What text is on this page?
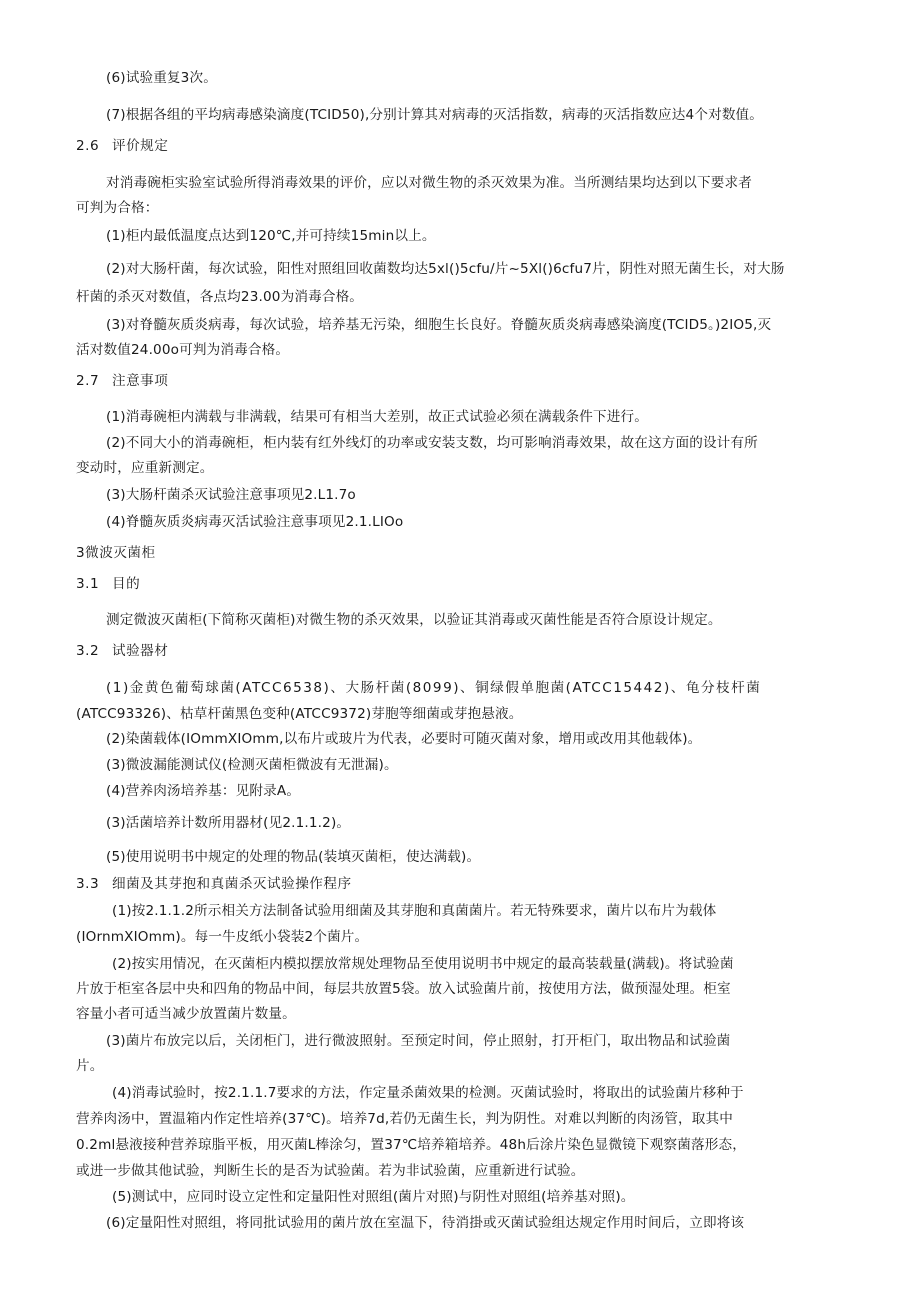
(6)试验重复3次。
(7)根据各组的平均病毒感染滴度(TCID50),分别计算其对病毒的灭活指数，病毒的灭活指数应达4个对数值。
2.6 评价规定
对消毒碗柜实验室试验所得消毒效果的评价，应以对微生物的杀灭效果为准。当所测结果均达到以下要求者
可判为合格：
(1)柜内最低温度点达到120℃,并可持续15min以上。
(2)对大肠杆菌，每次试验，阳性对照组回收菌数均达5xl()5cfu/片~5Xl()6cfu7片，阴性对照无菌生长，对大肠
杆菌的杀灭对数值，各点均23.00为消毒合格。
(3)对脊髓灰质炎病毒，每次试验，培养基无污染，细胞生长良好。脊髓灰质炎病毒感染滴度(TCID5。)2IO5,灭
活对数值24.00o可判为消毒合格。
2.7 注意事项
(1)消毒碗柜内满载与非满载，结果可有相当大差别，故正式试验必须在满载条件下进行。
(2)不同大小的消毒碗柜，柜内装有红外线灯的功率或安装支数，均可影响消毒效果，故在这方面的设计有所
变动时，应重新测定。
(3)大肠杆菌杀灭试验注意事项见2.L1.7o
(4)脊髓灰质炎病毒灭活试验注意事项见2.1.LIOo
3微波灭菌柜
3.1 目的
测定微波灭菌柜(下简称灭菌柜)对微生物的杀灭效果，以验证其消毒或灭菌性能是否符合原设计规定。
3.2 试验器材
(1)金黄色葡萄球菌(ATCC6538)、大肠杆菌(8099)、铜绿假单胞菌(ATCC15442)、龟分枝杆菌
(ATCC93326)、枯草杆菌黑色变种(ATCC9372)芽胞等细菌或芽抱悬液。
(2)染菌载体(IOmmXIOmm,以布片或玻片为代表，必要时可随灭菌对象，增用或改用其他载体)。
(3)微波漏能测试仪(检测灭菌柜微波有无泄漏)。
(4)营养肉汤培养基：见附录A。
(3)活菌培养计数所用器材(见2.1.1.2)。
(5)使用说明书中规定的处理的物品(装填灭菌柜，使达满载)。
3.3 细菌及其芽抱和真菌杀灭试验操作程序
(1)按2.1.1.2所示相关方法制备试验用细菌及其芽胞和真菌菌片。若无特殊要求，菌片以布片为载体
(IOrnmXIOmm)。每一牛皮纸小袋装2个菌片。
(2)按实用情况，在灭菌柜内模拟摆放常规处理物品至使用说明书中规定的最高装载量(满载)。将试验菌
片放于柜室各层中央和四角的物品中间，每层共放置5袋。放入试验菌片前，按使用方法，做预湿处理。柜室
容量小者可适当减少放置菌片数量。
(3)菌片布放完以后，关闭柜门，进行微波照射。至预定时间，停止照射，打开柜门，取出物品和试验菌
片。
(4)消毒试验时，按2.1.1.7要求的方法，作定量杀菌效果的检测。灭菌试验时，将取出的试验菌片移种于
营养肉汤中，置温箱内作定性培养(37℃)。培养7d,若仍无菌生长，判为阴性。对难以判断的肉汤管，取其中
0.2ml悬液接种营养琼脂平板，用灭菌L棒涂匀，置37℃培养箱培养。48h后涂片染色显微镜下观察菌落形态，
或进一步做其他试验，判断生长的是否为试验菌。若为非试验菌，应重新进行试验。
(5)测试中，应同时设立定性和定量阳性对照组(菌片对照)与阴性对照组(培养基对照)。
(6)定量阳性对照组，将同批试验用的菌片放在室温下，待消掛或灭菌试验组达规定作用时间后，立即将该
